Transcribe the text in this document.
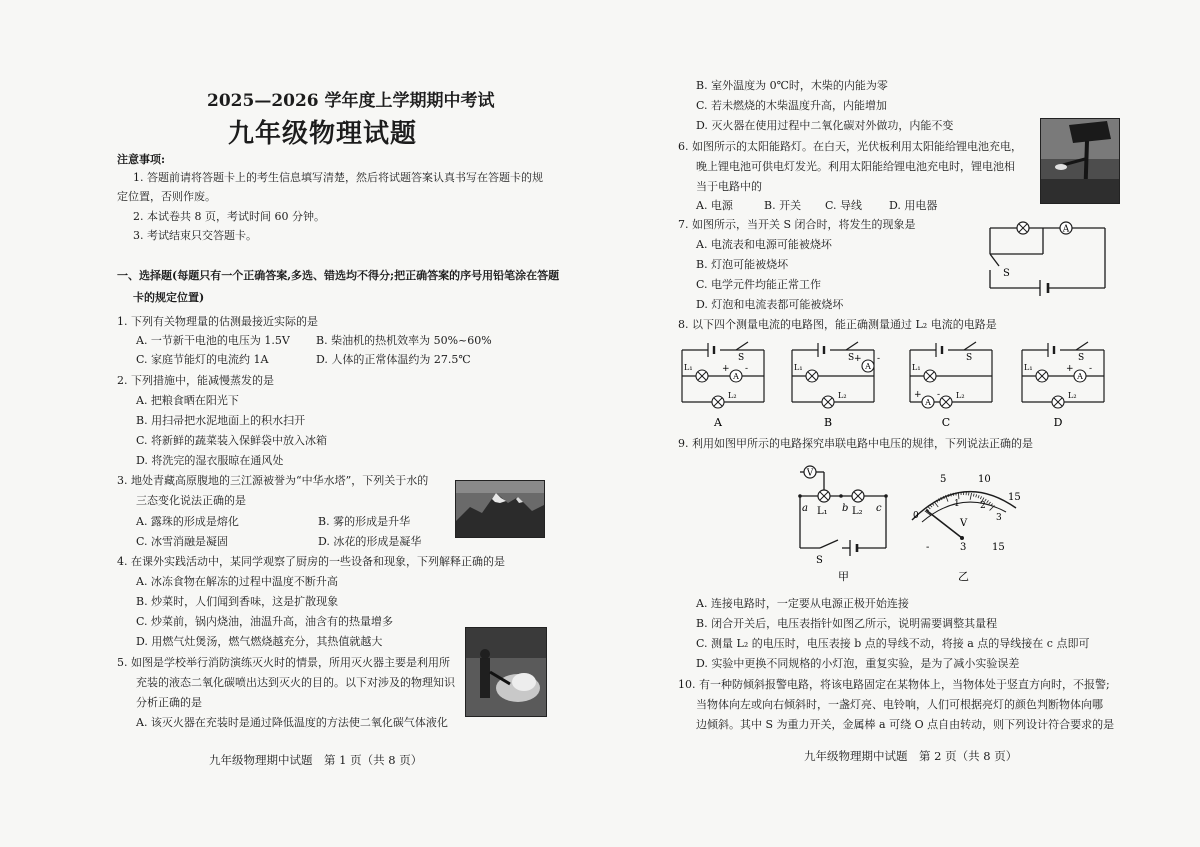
2025—2026 学年度上学期期中考试
九年级物理试题
注意事项:
1. 答题前请将答题卡上的考生信息填写清楚，然后将试题答案认真书写在答题卡的规
定位置，否则作废。
2. 本试卷共 8 页，考试时间 60 分钟。
3. 考试结束只交答题卡。
一、选择题(每题只有一个正确答案,多选、错选均不得分;把正确答案的序号用铅笔涂在答题
卡的规定位置)
1. 下列有关物理量的估测最接近实际的是
A. 一节新干电池的电压为 1.5V B. 柴油机的热机效率为 50%~60%
C. 家庭节能灯的电流约 1A	D. 人体的正常体温约为 27.5℃
2. 下列措施中，能减慢蒸发的是
A. 把粮食晒在阳光下
B. 用扫帚把水泥地面上的积水扫开
C. 将新鲜的蔬菜装入保鲜袋中放入冰箱
D. 将洗完的湿衣服晾在通风处
3. 地处青藏高原腹地的三江源被誉为“中华水塔”，下列关于水的
三态变化说法正确的是
A. 露珠的形成是熔化	B. 雾的形成是升华
C. 冰雪消融是凝固	D. 冰花的形成是凝华
4. 在课外实践活动中，某同学观察了厨房的一些设备和现象，下列解释正确的是
A. 冰冻食物在解冻的过程中温度不断升高
B. 炒菜时，人们闻到香味，这是扩散现象
C. 炒菜前，锅内烧油，油温升高，油含有的热量增多
D. 用燃气灶煲汤，燃气燃烧越充分，其热值就越大
5. 如图是学校举行消防演练灭火时的情景，所用灭火器主要是利用所
充装的液态二氧化碳喷出达到灭火的目的。以下对涉及的物理知识
分析正确的是
A. 该灭火器在充装时是通过降低温度的方法使二氧化碳气体液化
九年级物理期中试题　第 1 页（共 8 页）
B. 室外温度为 0℃时，木柴的内能为零
C. 若未燃烧的木柴温度升高，内能增加
D. 灭火器在使用过程中二氧化碳对外做功，内能不变
6. 如图所示的太阳能路灯。在白天，光伏板利用太阳能给锂电池充电，
晚上锂电池可供电灯发光。利用太阳能给锂电池充电时，锂电池相
当于电路中的
A. 电源	B. 开关 C. 导线 D. 用电器
7. 如图所示，当开关 S 闭合时，将发生的现象是
A. 电流表和电源可能被烧坏
B. 灯泡可能被烧坏
C. 电学元件均能正常工作
D. 灯泡和电流表都可能被烧坏
A
S
8. 以下四个测量电流的电路图，能正确测量通过 L₂ 电流的电路是
S
L₁
L₂
A
+ -
A
S
L₁
L₂
A
+ -
B
S
L₁
L₂
A
+ -
C
S
L₁
L₂
A
+ -
D
9. 利用如图甲所示的电路探究串联电路中电压的规律，下列说法正确的是
V
a L₁ b L₂ c
S
甲
5	10
15
0
1 2
3
V
-	3	15
乙
A. 连接电路时，一定要从电源正极开始连接
B. 闭合开关后，电压表指针如图乙所示，说明需要调整其量程
C. 测量 L₂ 的电压时，电压表接 b 点的导线不动，将接 a 点的导线接在 c 点即可
D. 实验中更换不同规格的小灯泡，重复实验，是为了减小实验误差
10. 有一种防倾斜报警电路，将该电路固定在某物体上，当物体处于竖直方向时，不报警;
当物体向左或向右倾斜时，一盏灯亮、电铃响，人们可根据亮灯的颜色判断物体向哪
边倾斜。其中 S 为重力开关，金属棒 a 可绕 O 点自由转动，则下列设计符合要求的是
九年级物理期中试题　第 2 页（共 8 页）
